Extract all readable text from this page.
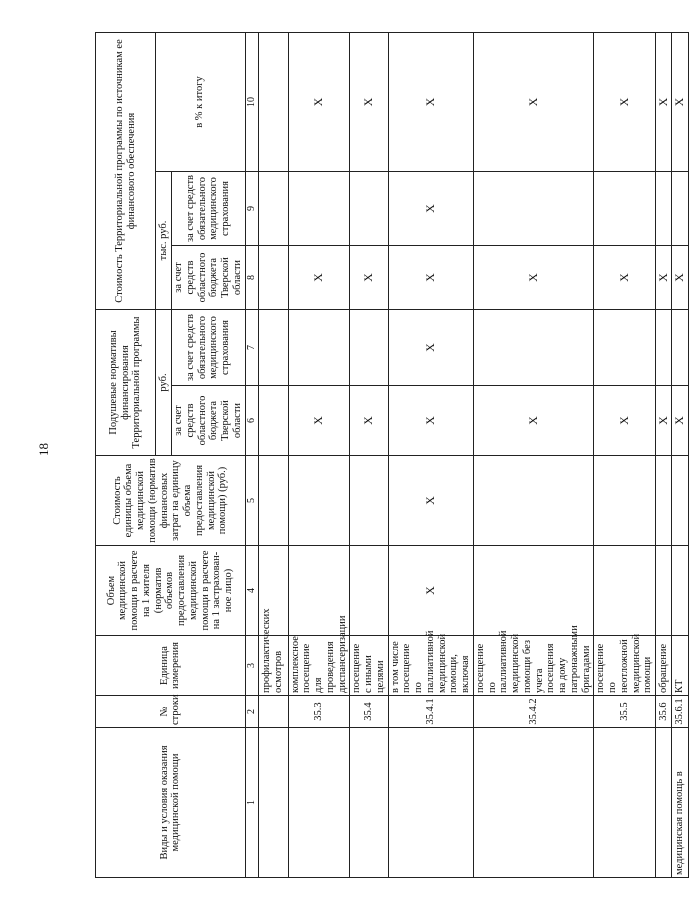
18
Виды и условия оказания медицинской помощи	№ строки	Единица измерения	Объем медицинской помощи в расчете на 1 жителя (норматив объемов предоставления медицинской помощи в расчете на 1 застрахован-ное лицо)	Стоимость единицы объема медицинской помощи (норматив финансовых затрат на единицу объема предоставления медицинской помощи) (руб.)	Подушевые нормативы финансирования Территориальной программы		Стоимость Территориальной программы по источникам ее финансового обеспечения		
					руб.		тыс. руб.		в % к итогу
					за счет средств областного бюджета Тверской области	за счет средств обязательного медицинского страхования	за счет средств областного бюджета Тверской области	за счет средств обязательного медицинского страхования	
1	2	3	4	5	6	7	8	9	10
		профилактических осмотров							
	35.3	комплексное посещение для проведения диспансеризации			X		X		X
	35.4	посещение с иными целями			X		X		X
	35.4.1	в том числе посещение по паллиативной медицинской помощи, включая	X	X	X	X	X	X	X
	35.4.2	посещение по паллиативной медицинской помощи без учета посещения на дому патронажными бригадами			X		X		X
	35.5	посещение по неотложной медицинской помощи			X		X		X
	35.6	обращение			X		X		X
медицинская помощь в	35.6.1	КТ			X		X		X
